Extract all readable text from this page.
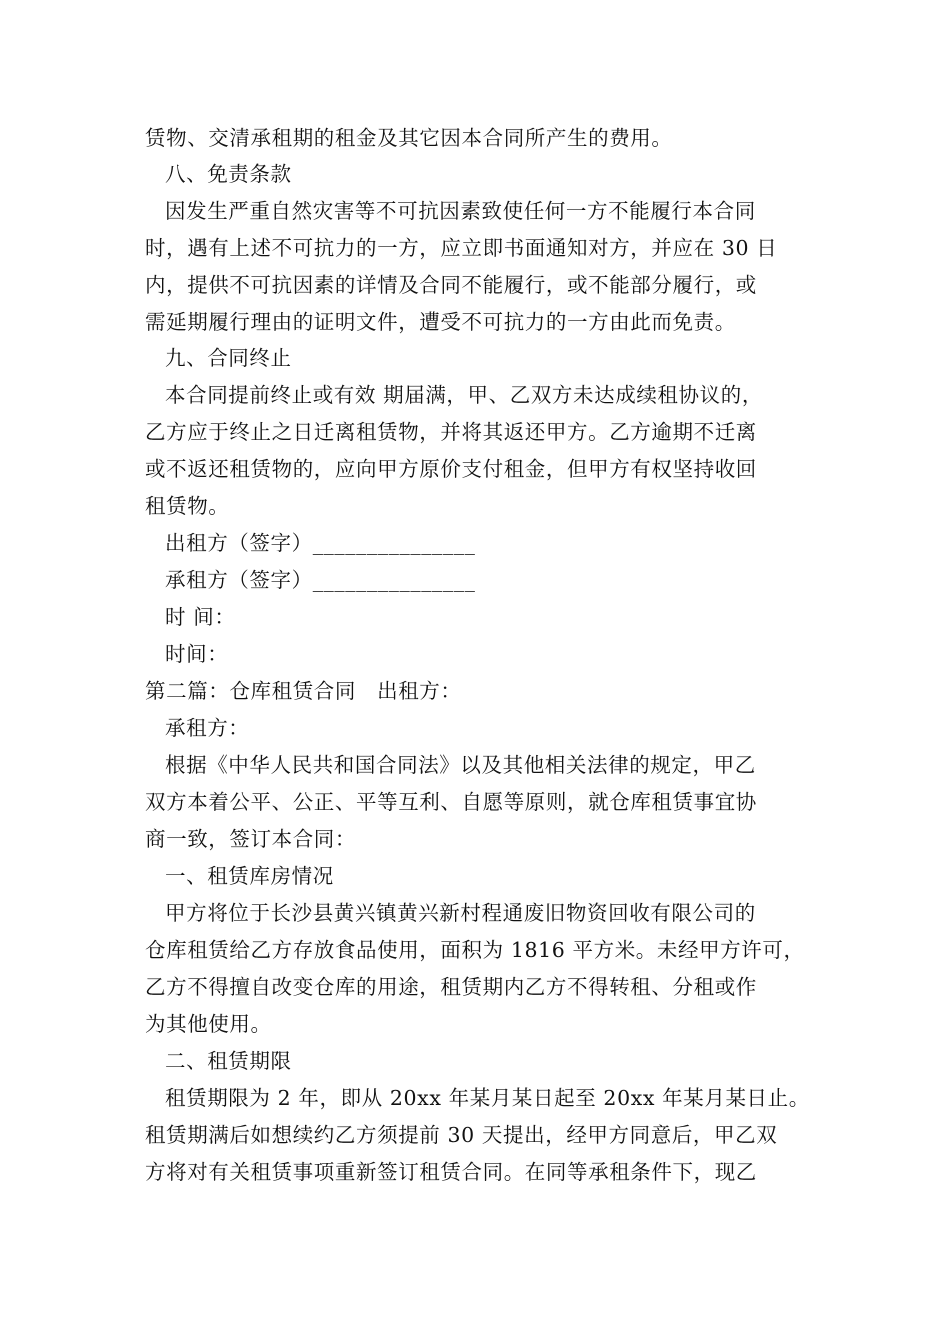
赁物、交清承租期的租金及其它因本合同所产生的费用。
八、免责条款
因发生严重自然灾害等不可抗因素致使任何一方不能履行本合同
时，遇有上述不可抗力的一方，应立即书面通知对方，并应在 30 日
内，提供不可抗因素的详情及合同不能履行，或不能部分履行，或
需延期履行理由的证明文件，遭受不可抗力的一方由此而免责。
九、合同终止
本合同提前终止或有效 期届满，甲、乙双方未达成续租协议的，
乙方应于终止之日迁离租赁物，并将其返还甲方。乙方逾期不迁离
或不返还租赁物的，应向甲方原价支付租金，但甲方有权坚持收回
租赁物。
出租方（签字）_______________
承租方（签字）_______________
时 间：
时间：
第二篇：仓库租赁合同　出租方：
承租方：
根据《中华人民共和国合同法》以及其他相关法律的规定，甲乙
双方本着公平、公正、平等互利、自愿等原则，就仓库租赁事宜协
商一致，签订本合同：
一、租赁库房情况
甲方将位于长沙县黄兴镇黄兴新村程通废旧物资回收有限公司的
仓库租赁给乙方存放食品使用，面积为 1816 平方米。未经甲方许可，
乙方不得擅自改变仓库的用途，租赁期内乙方不得转租、分租或作
为其他使用。
二、租赁期限
租赁期限为 2 年，即从 20xx 年某月某日起至 20xx 年某月某日止。
租赁期满后如想续约乙方须提前 30 天提出，经甲方同意后，甲乙双
方将对有关租赁事项重新签订租赁合同。在同等承租条件下，现乙
